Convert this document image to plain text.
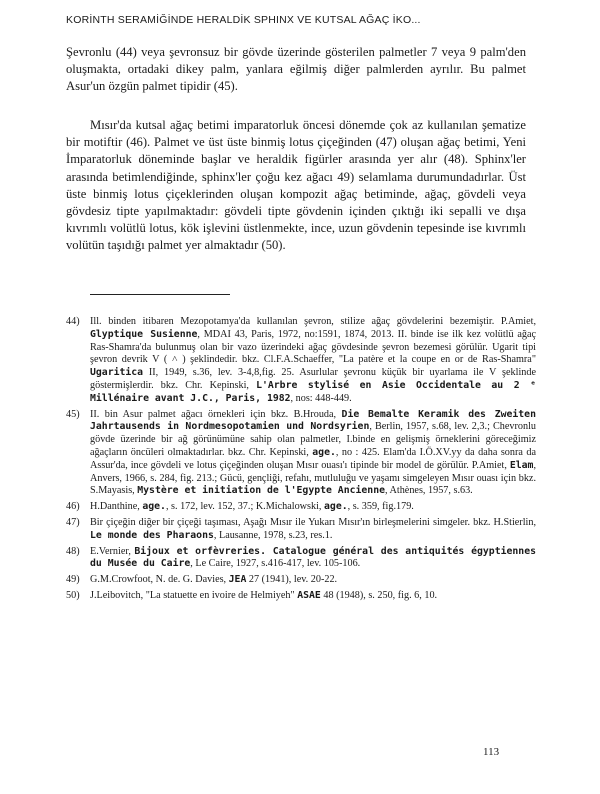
KORİNTH SERAMİĞİNDE HERALDİK SPHINX VE KUTSAL AĞAÇ İKO...
Şevronlu (44) veya şevronsuz bir gövde üzerinde gösterilen palmetler 7 veya 9 palm'den oluşmakta, ortadaki dikey palm, yanlara eğilmiş diğer palmlerden ayrılır. Bu palmet Asur'un özgün palmet tipidir (45).
Mısır'da kutsal ağaç betimi imparatorluk öncesi dönemde çok az kullanılan şematize bir motiftir (46). Palmet ve üst üste binmiş lotus çiçeğinden (47) oluşan ağaç betimi, Yeni İmparatorluk döneminde başlar ve heraldik figürler arasında yer alır (48). Sphinx'ler arasında betimlendiğinde, sphinx'ler çoğu kez ağacı 49) selamlama durumundadırlar. Üst üste binmiş lotus çiçeklerinden oluşan kompozit ağaç betiminde, ağaç, gövdeli veya gövdesiz tipte yapılmaktadır: gövdeli tipte gövdenin içinden çıktığı iki sepalli ve dışa kıvrımlı volütlü lotus, kök işlevini üstlenmekte, ince, uzun gövdenin tepesinde ise kıvrımlı volütün taşıdığı palmet yer almaktadır (50).
44)	Ill. binden itibaren Mezopotamya'da kullanılan şevron, stilize ağaç gövdelerini bezemiştir. P.Amiet, Glyptique Susienne, MDAI 43, Paris, 1972, no:1591, 1874, 2013. II. binde ise ilk kez volütlü ağaç Ras-Shamra'da bulunmuş olan bir vazo üzerindeki ağaç gövdesinde şevron bezemesi görülür. Ugarit tipi şevron devrik V ( ˄ ) şeklindedir. bkz. Cl.F.A.Schaeffer, "La patère et la coupe en or de Ras-Shamra" Ugaritica II, 1949, s.36, lev. 3-4,8,fig. 25. Asurlular şevronu küçük bir uyarlama ile V şeklinde göstermişlerdir. bkz. Chr. Kepinski, L'Arbre stylisé en Asie Occidentale au 2 ᵉ Millénaire avant J.C., Paris, 1982, nos: 448-449.
45)	II. bin Asur palmet ağacı örnekleri için bkz. B.Hrouda, Die Bemalte Keramik des Zweiten Jahrtausends in Nordmesopotamien und Nordsyrien, Berlin, 1957, s.68, lev. 2,3.; Chevronlu gövde üzerinde bir ağ görünümüne sahip olan palmetler, I.binde en gelişmiş örneklerini göreceğimiz ağaçların öncüleri olmaktadırlar. bkz. Chr. Kepinski, age., no : 425. Elam'da I.Ö.XV.yy da daha sonra da Assur'da, ince gövdeli ve lotus çiçeğinden oluşan Mısır ouası'ı tipinde bir model de görülür. P.Amiet, Elam, Anvers, 1966, s. 284, fig. 213.; Gücü, gençliği, refahı, mutluluğu ve yaşamı simgeleyen Mısır ouası için bkz. S.Mayasis, Mystère et initiation de l'Egypte Ancienne, Athènes, 1957, s.63.
46)	H.Danthine, age., s. 172, lev. 152, 37.; K.Michalowski, age., s. 359, fig.179.
47)	Bir çiçeğin diğer bir çiçeği taşıması, Aşağı Mısır ile Yukarı Mısır'ın birleşmelerini simgeler. bkz. H.Stierlin, Le monde des Pharaons, Lausanne, 1978, s.23, res.1.
48)	E.Vernier, Bijoux et orfèvreries. Catalogue général des antiquités égyptiennes du Musée du Caire, Le Caire, 1927, s.416-417, lev. 105-106.
49)	G.M.Crowfoot, N. de. G. Davies, JEA 27 (1941), lev. 20-22.
50)	J.Leibovitch, "La statuette en ivoire de Helmiyeh" ASAE 48 (1948), s. 250, fig. 6, 10.
113
